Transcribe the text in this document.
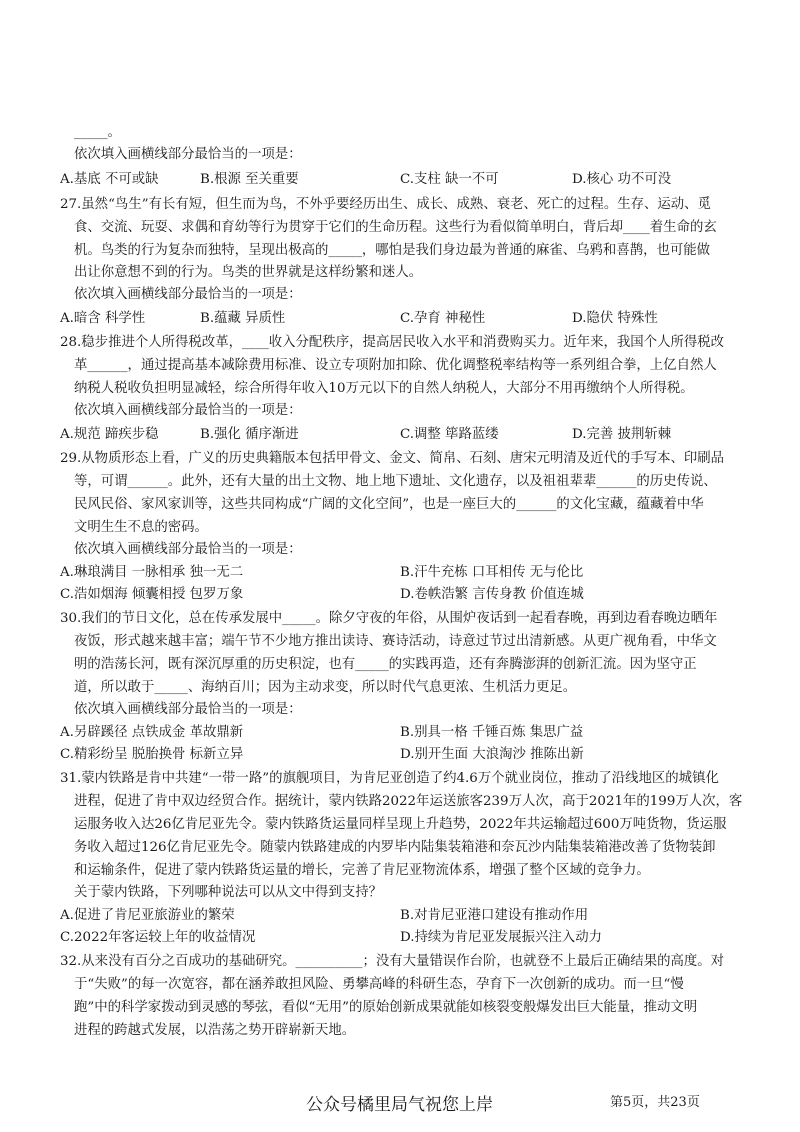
_____。
依次填入画横线部分最恰当的一项是：
A.基底 不可或缺	B.根源 至关重要	C.支柱 缺一不可	D.核心 功不可没
27.虽然“鸟生”有长有短，但生而为鸟，不外乎要经历出生、成长、成熟、衰老、死亡的过程。生存、运动、觅
食、交流、玩耍、求偶和育幼等行为贯穿于它们的生命历程。这些行为看似简单明白，背后却____着生命的玄
机。鸟类的行为复杂而独特，呈现出极高的_____，哪怕是我们身边最为普通的麻雀、乌鸦和喜鹊，也可能做
出让你意想不到的行为。鸟类的世界就是这样纷繁和迷人。
依次填入画横线部分最恰当的一项是：
A.暗含 科学性	B.蕴藏 异质性	C.孕育 神秘性	D.隐伏 特殊性
28.稳步推进个人所得税改革，____收入分配秩序，提高居民收入水平和消费购买力。近年来，我国个人所得税改
革______，通过提高基本减除费用标准、设立专项附加扣除、优化调整税率结构等一系列组合拳，上亿自然人
纳税人税收负担明显减轻，综合所得年收入10万元以下的自然人纳税人，大部分不用再缴纳个人所得税。
依次填入画横线部分最恰当的一项是：
A.规范 蹄疾步稳	B.强化 循序渐进	C.调整 筚路蓝缕	D.完善 披荆斩棘
29.从物质形态上看，广义的历史典籍版本包括甲骨文、金文、简帛、石刻、唐宋元明清及近代的手写本、印刷品
等，可谓______。此外，还有大量的出土文物、地上地下遗址、文化遗存，以及祖祖辈辈______的历史传说、
民风民俗、家风家训等，这些共同构成“广阔的文化空间”，也是一座巨大的______的文化宝藏，蕴藏着中华
文明生生不息的密码。
依次填入画横线部分最恰当的一项是：
A.琳琅满目 一脉相承 独一无二	B.汗牛充栋 口耳相传 无与伦比
C.浩如烟海 倾囊相授 包罗万象	D.卷帙浩繁 言传身教 价值连城
30.我们的节日文化，总在传承发展中_____。除夕守夜的年俗，从围炉夜话到一起看春晚，再到边看春晚边晒年
夜饭，形式越来越丰富；端午节不少地方推出读诗、赛诗活动，诗意过节过出清新感。从更广视角看，中华文
明的浩荡长河，既有深沉厚重的历史积淀，也有_____的实践再造，还有奔腾澎湃的创新汇流。因为坚守正
道，所以敢于_____、海纳百川；因为主动求变，所以时代气息更浓、生机活力更足。
依次填入画横线部分最恰当的一项是：
A.另辟蹊径 点铁成金 革故鼎新	B.别具一格 千锤百炼 集思广益
C.精彩纷呈 脱胎换骨 标新立异	D.别开生面 大浪淘沙 推陈出新
31.蒙内铁路是肯中共建“一带一路”的旗舰项目，为肯尼亚创造了约4.6万个就业岗位，推动了沿线地区的城镇化
进程，促进了肯中双边经贸合作。据统计，蒙内铁路2022年运送旅客239万人次，高于2021年的199万人次，客
运服务收入达26亿肯尼亚先令。蒙内铁路货运量同样呈现上升趋势，2022年共运输超过600万吨货物，货运服
务收入超过126亿肯尼亚先令。随蒙内铁路建成的内罗毕内陆集装箱港和奈瓦沙内陆集装箱港改善了货物装卸
和运输条件，促进了蒙内铁路货运量的增长，完善了肯尼亚物流体系，增强了整个区域的竞争力。
关于蒙内铁路，下列哪种说法可以从文中得到支持？
A.促进了肯尼亚旅游业的繁荣	B.对肯尼亚港口建设有推动作用
C.2022年客运较上年的收益情况	D.持续为肯尼亚发展振兴注入动力
32.从来没有百分之百成功的基础研究。__________；没有大量错误作台阶，也就登不上最后正确结果的高度。对
于“失败”的每一次宽容，都在涵养敢担风险、勇攀高峰的科研生态，孕育下一次创新的成功。而一旦“慢
跑”中的科学家拨动到灵感的琴弦，看似“无用”的原始创新成果就能如核裂变般爆发出巨大能量，推动文明
进程的跨越式发展，以浩荡之势开辟崭新天地。
公众号橘里局气祝您上岸	第5页，共23页
